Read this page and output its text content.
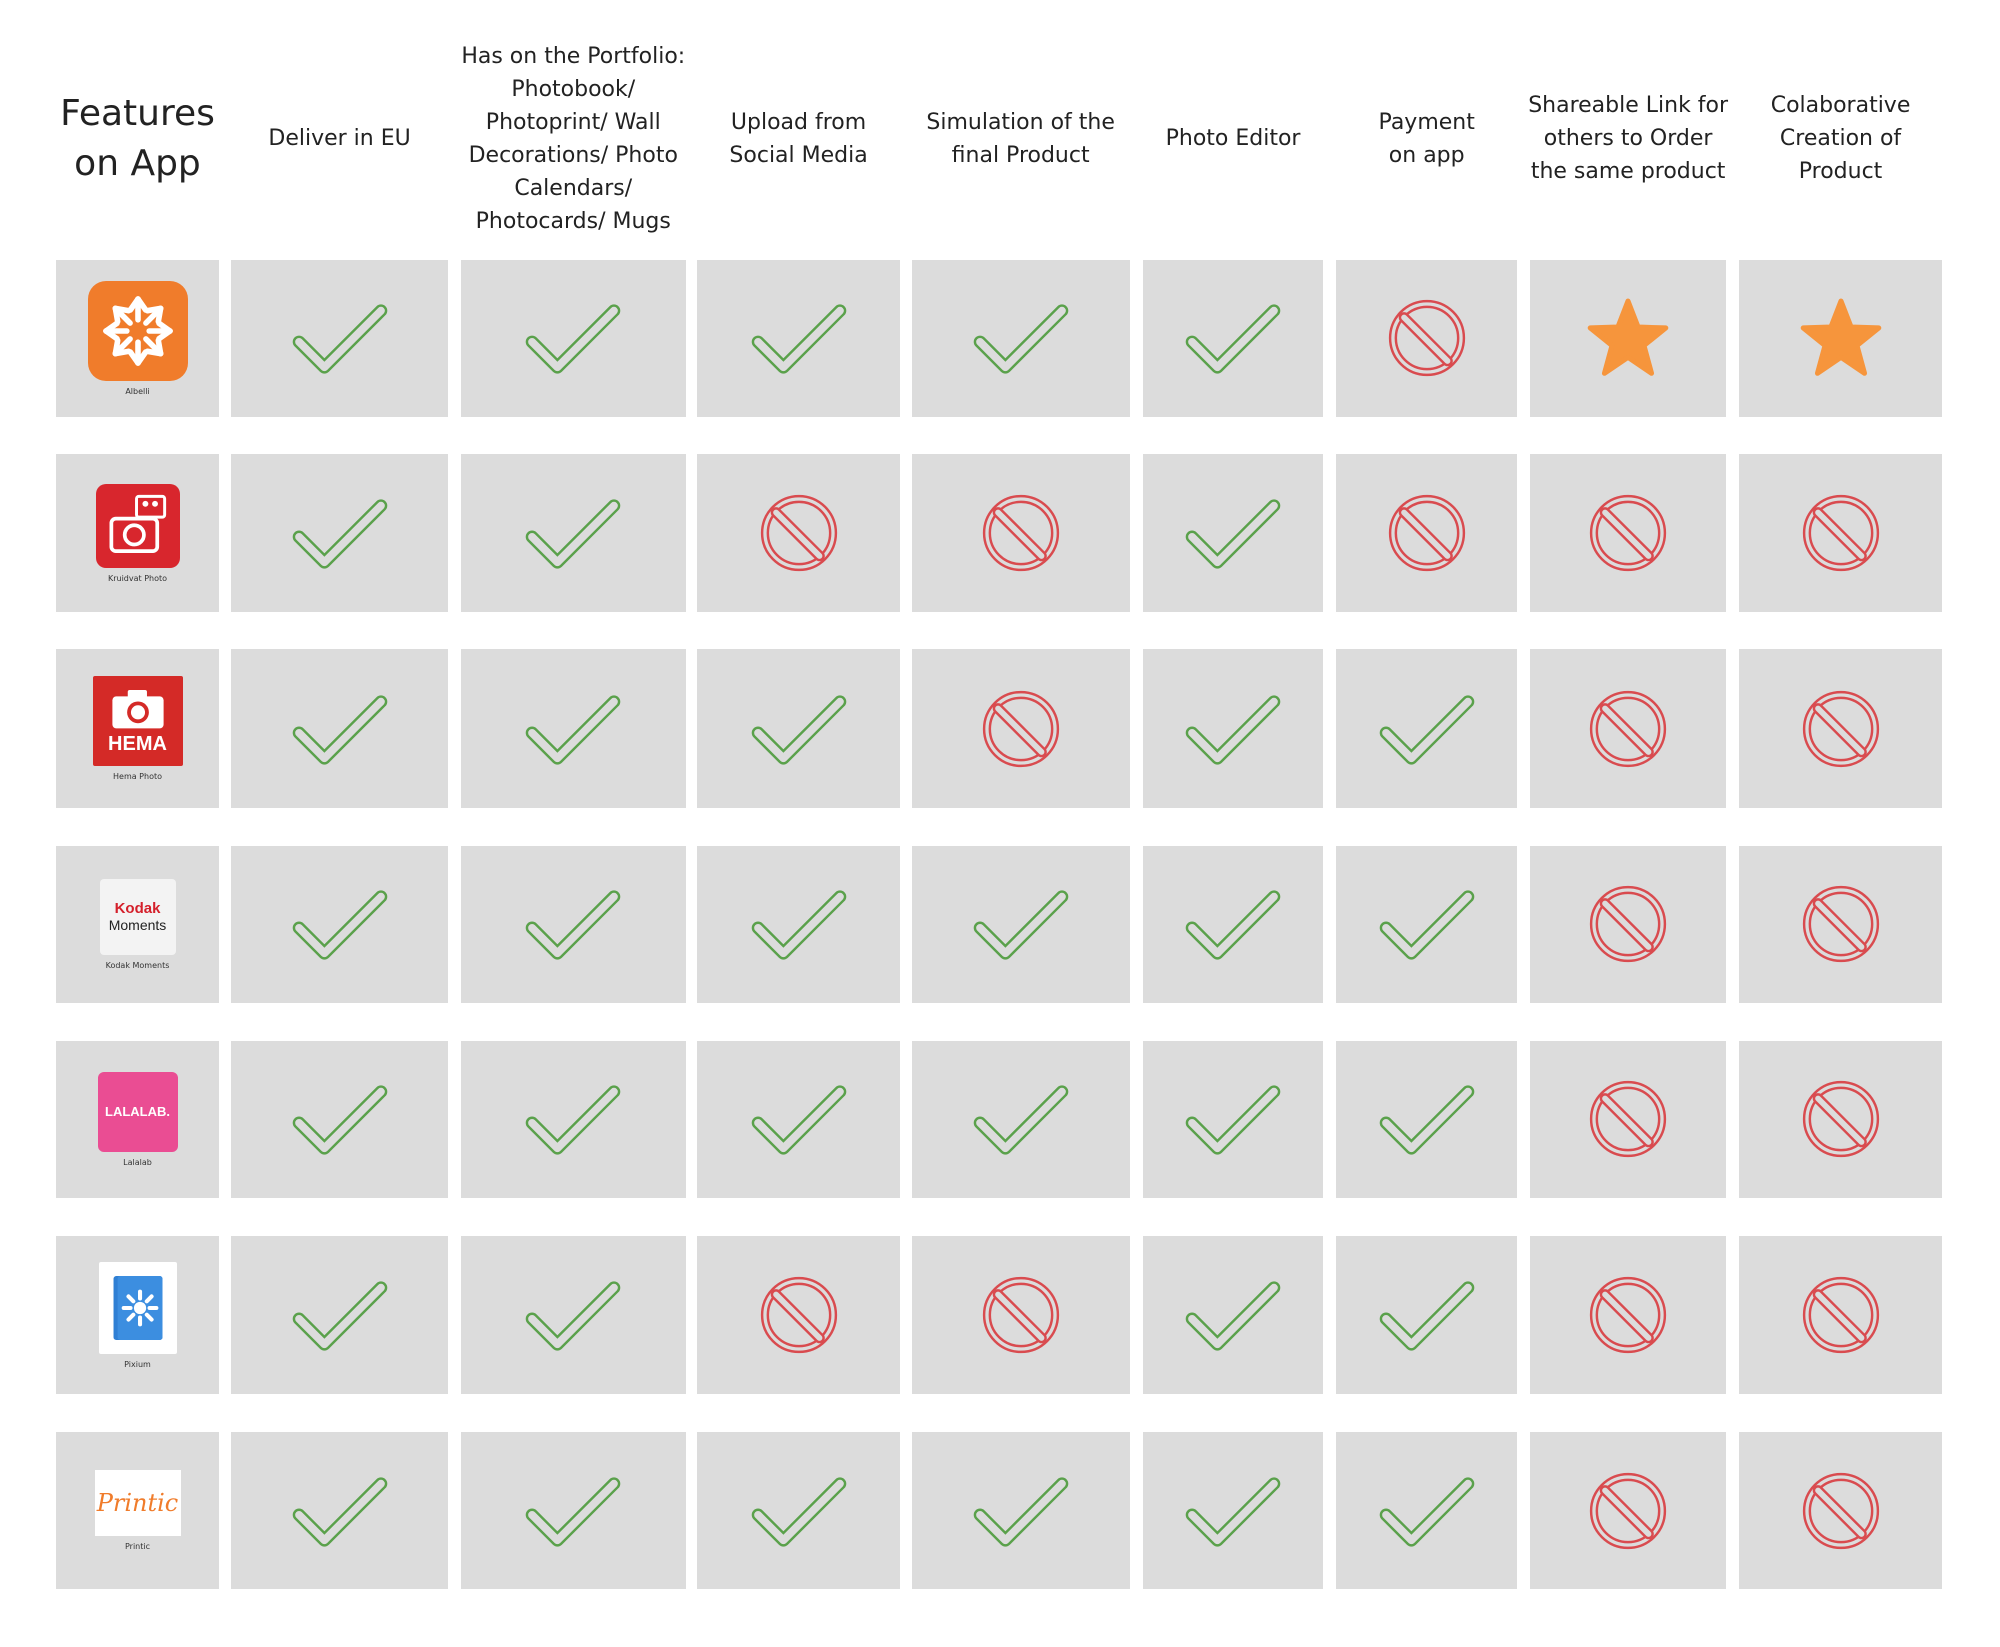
Features
on App
Deliver in EU
Has on the Portfolio:
Photobook/
Photoprint/ Wall
Decorations/ Photo
Calendars/
Photocards/ Mugs
Upload from
Social Media
Simulation of the
final Product
Photo Editor
Payment
on app
Shareable Link for
others to Order
the same product
Colaborative
Creation of
Product
Albelli
Kruidvat Photo
HEMA
Hema Photo
Kodak
Moments
Kodak Moments
LALALAB.
Lalalab
Pixium
Printic
Printic
